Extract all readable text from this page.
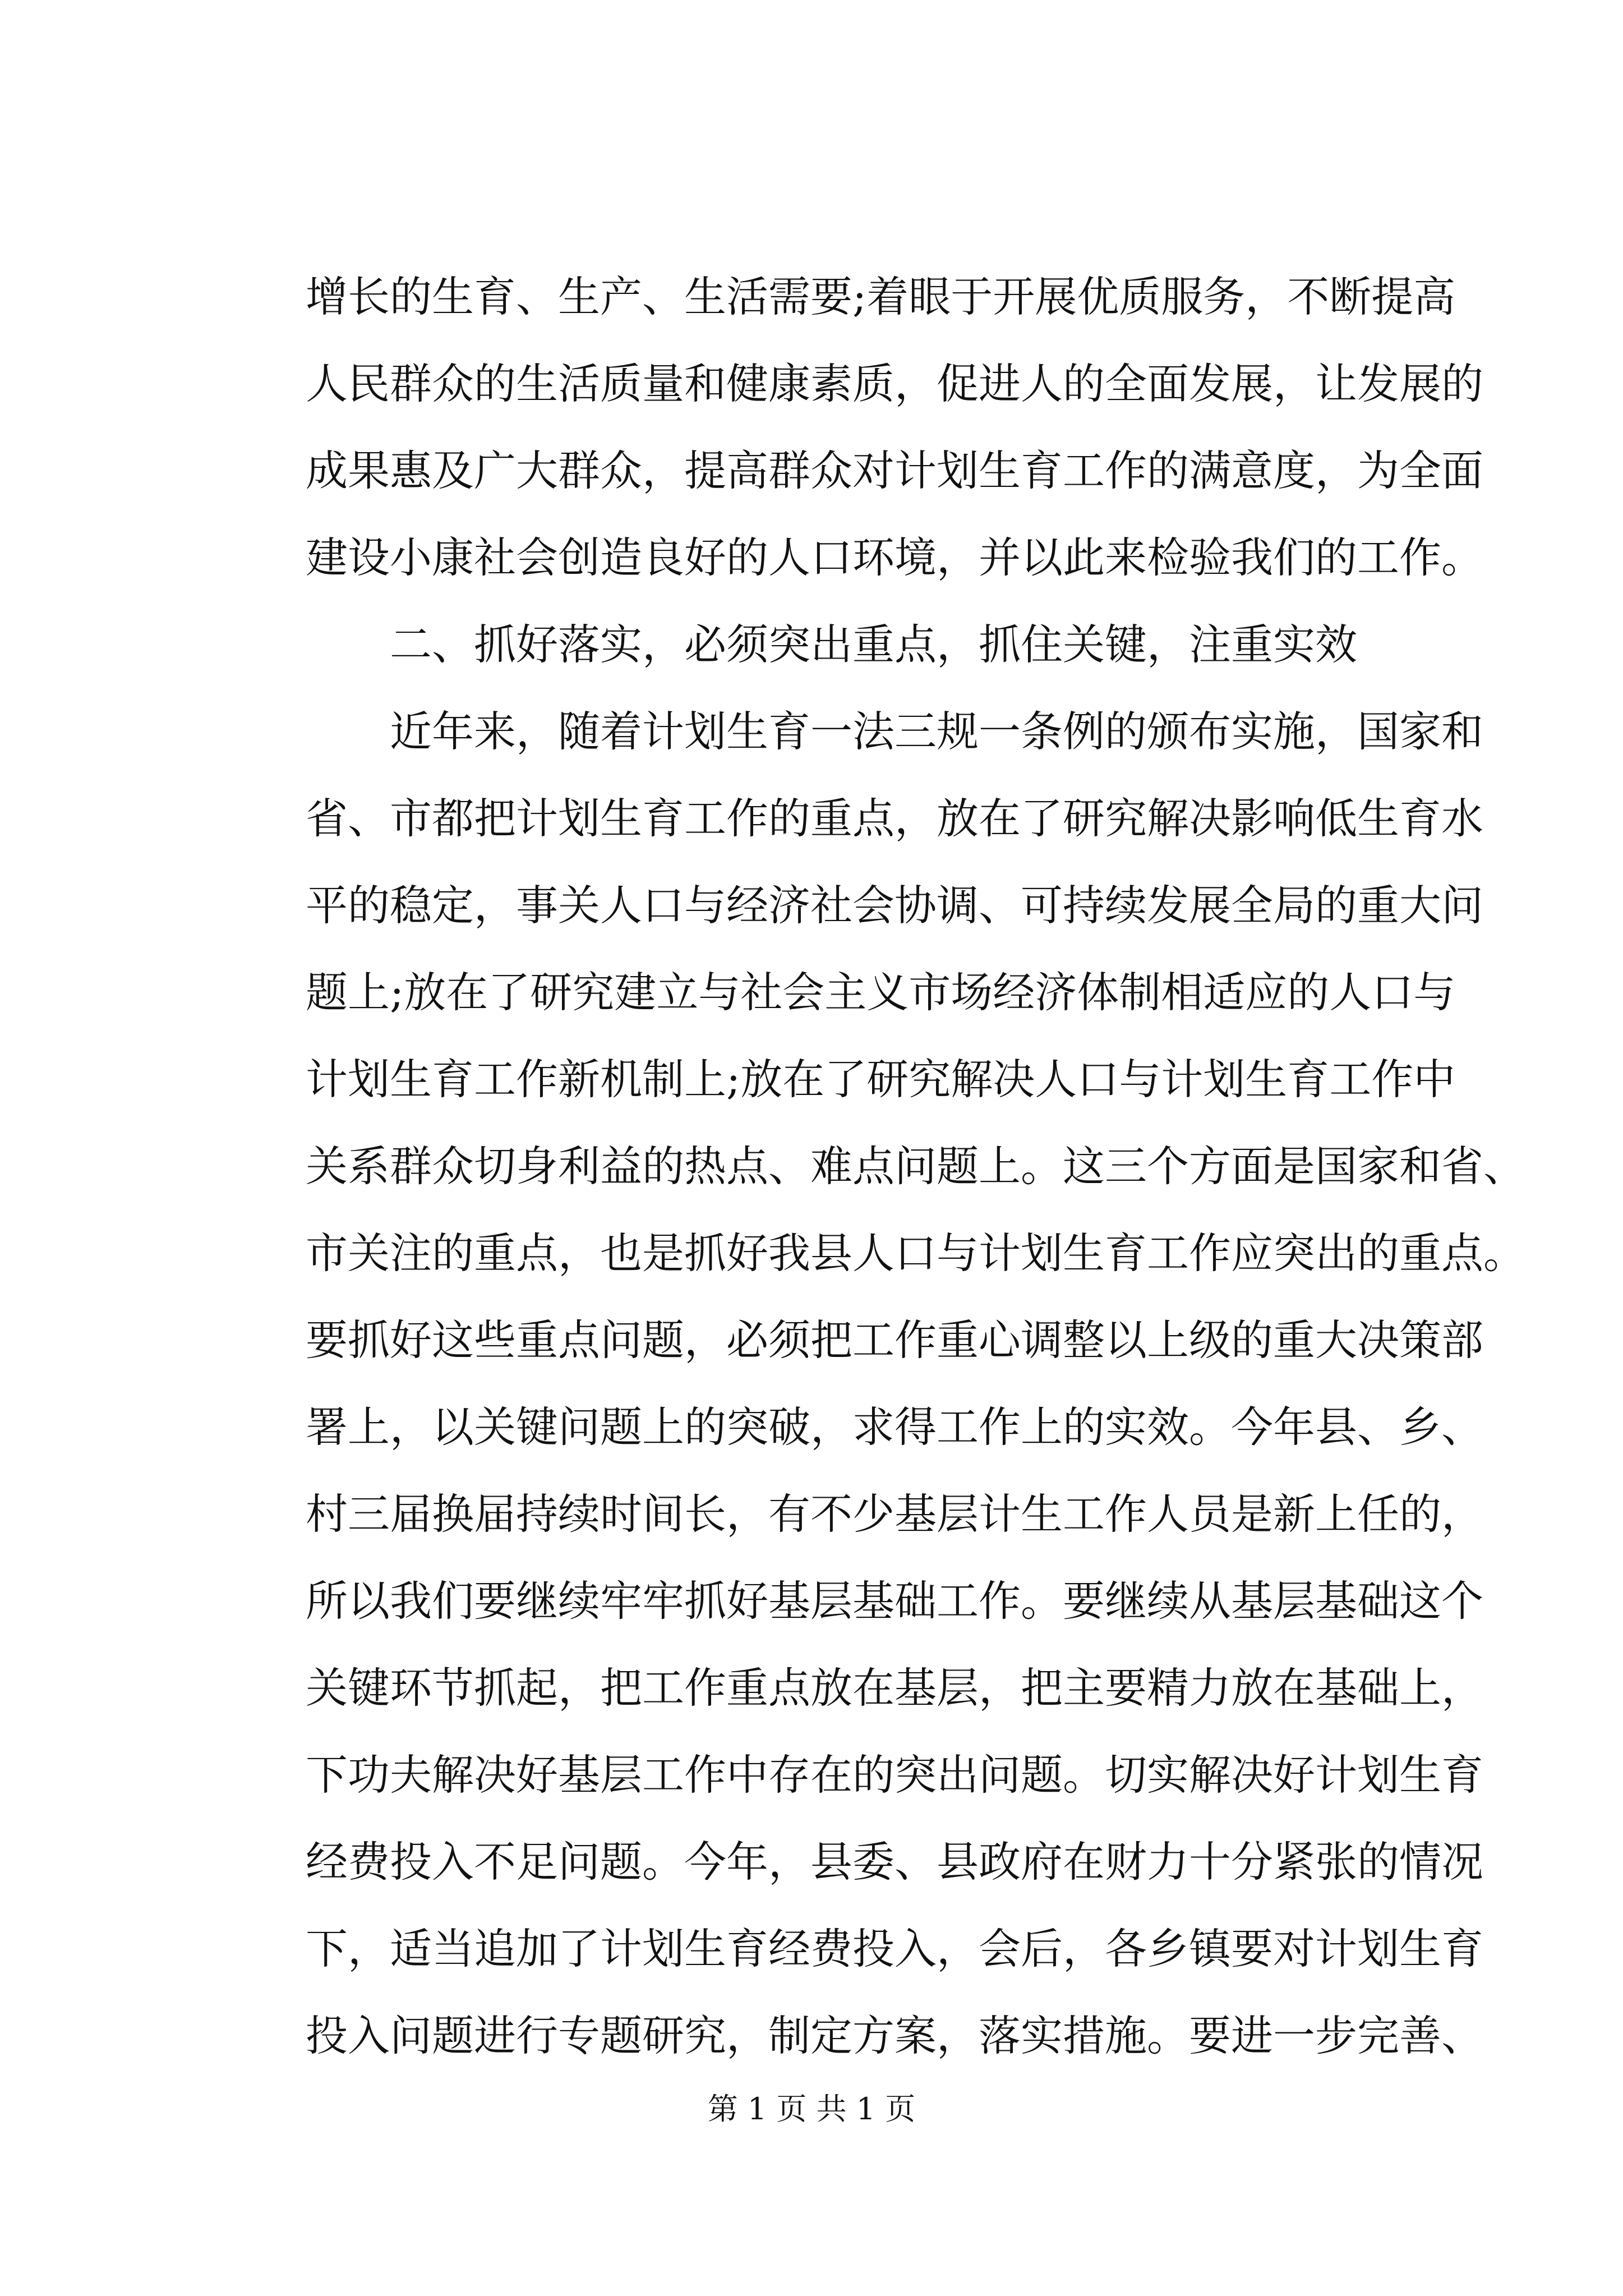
增长的生育、生产、生活需要;着眼于开展优质服务，不断提高
人民群众的生活质量和健康素质，促进人的全面发展，让发展的
成果惠及广大群众，提高群众对计划生育工作的满意度，为全面
建设小康社会创造良好的人口环境，并以此来检验我们的工作。
二、抓好落实，必须突出重点，抓住关键，注重实效
近年来，随着计划生育一法三规一条例的颁布实施，国家和
省、市都把计划生育工作的重点，放在了研究解决影响低生育水
平的稳定，事关人口与经济社会协调、可持续发展全局的重大问
题上;放在了研究建立与社会主义市场经济体制相适应的人口与
计划生育工作新机制上;放在了研究解决人口与计划生育工作中
关系群众切身利益的热点、难点问题上。这三个方面是国家和省、
市关注的重点，也是抓好我县人口与计划生育工作应突出的重点。
要抓好这些重点问题，必须把工作重心调整以上级的重大决策部
署上，以关键问题上的突破，求得工作上的实效。今年县、乡、
村三届换届持续时间长，有不少基层计生工作人员是新上任的，
所以我们要继续牢牢抓好基层基础工作。要继续从基层基础这个
关键环节抓起，把工作重点放在基层，把主要精力放在基础上，
下功夫解决好基层工作中存在的突出问题。切实解决好计划生育
经费投入不足问题。今年，县委、县政府在财力十分紧张的情况
下，适当追加了计划生育经费投入，会后，各乡镇要对计划生育
投入问题进行专题研究，制定方案，落实措施。要进一步完善、
第 1 页 共 1 页
